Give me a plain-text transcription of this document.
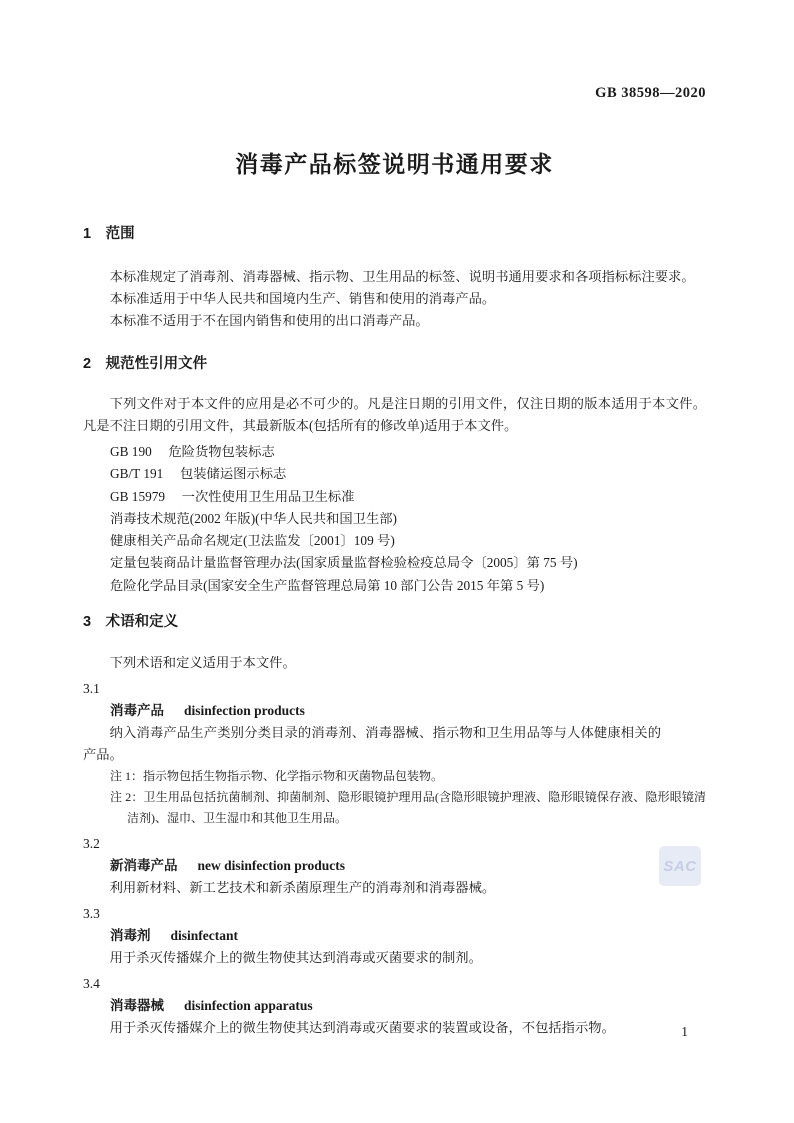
GB 38598—2020
消毒产品标签说明书通用要求
1　范围

本标准规定了消毒剂、消毒器械、指示物、卫生用品的标签、说明书通用要求和各项指标标注要求。

本标准适用于中华人民共和国境内生产、销售和使用的消毒产品。

本标准不适用于不在国内销售和使用的出口消毒产品。

2　规范性引用文件

下列文件对于本文件的应用是必不可少的。凡是注日期的引用文件，仅注日期的版本适用于本文件。凡是不注日期的引用文件，其最新版本(包括所有的修改单)适用于本文件。

GB 190　 危险货物包装标志

GB/T 191　 包装储运图示标志

GB 15979　 一次性使用卫生用品卫生标准

消毒技术规范(2002 年版)(中华人民共和国卫生部)

健康相关产品命名规定(卫法监发〔2001〕109 号)

定量包装商品计量监督管理办法(国家质量监督检验检疫总局令〔2005〕第 75 号)

危险化学品目录(国家安全生产监督管理总局第 10 部门公告 2015 年第 5 号)

3　术语和定义

下列术语和定义适用于本文件。

3.1
消毒产品 disinfection products

纳入消毒产品生产类别分类目录的消毒剂、消毒器械、指示物和卫生用品等与人体健康相关的产品。

注 1：指示物包括生物指示物、化学指示物和灭菌物品包装物。

注 2：卫生用品包括抗菌制剂、抑菌制剂、隐形眼镜护理用品(含隐形眼镜护理液、隐形眼镜保存液、隐形眼镜清洁剂)、湿巾、卫生湿巾和其他卫生用品。

3.2
新消毒产品 new disinfection products

利用新材料、新工艺技术和新杀菌原理生产的消毒剂和消毒器械。

3.3
消毒剂 disinfectant

用于杀灭传播媒介上的微生物使其达到消毒或灭菌要求的制剂。

3.4
消毒器械 disinfection apparatus

用于杀灭传播媒介上的微生物使其达到消毒或灭菌要求的装置或设备，不包括指示物。

SAC
1
